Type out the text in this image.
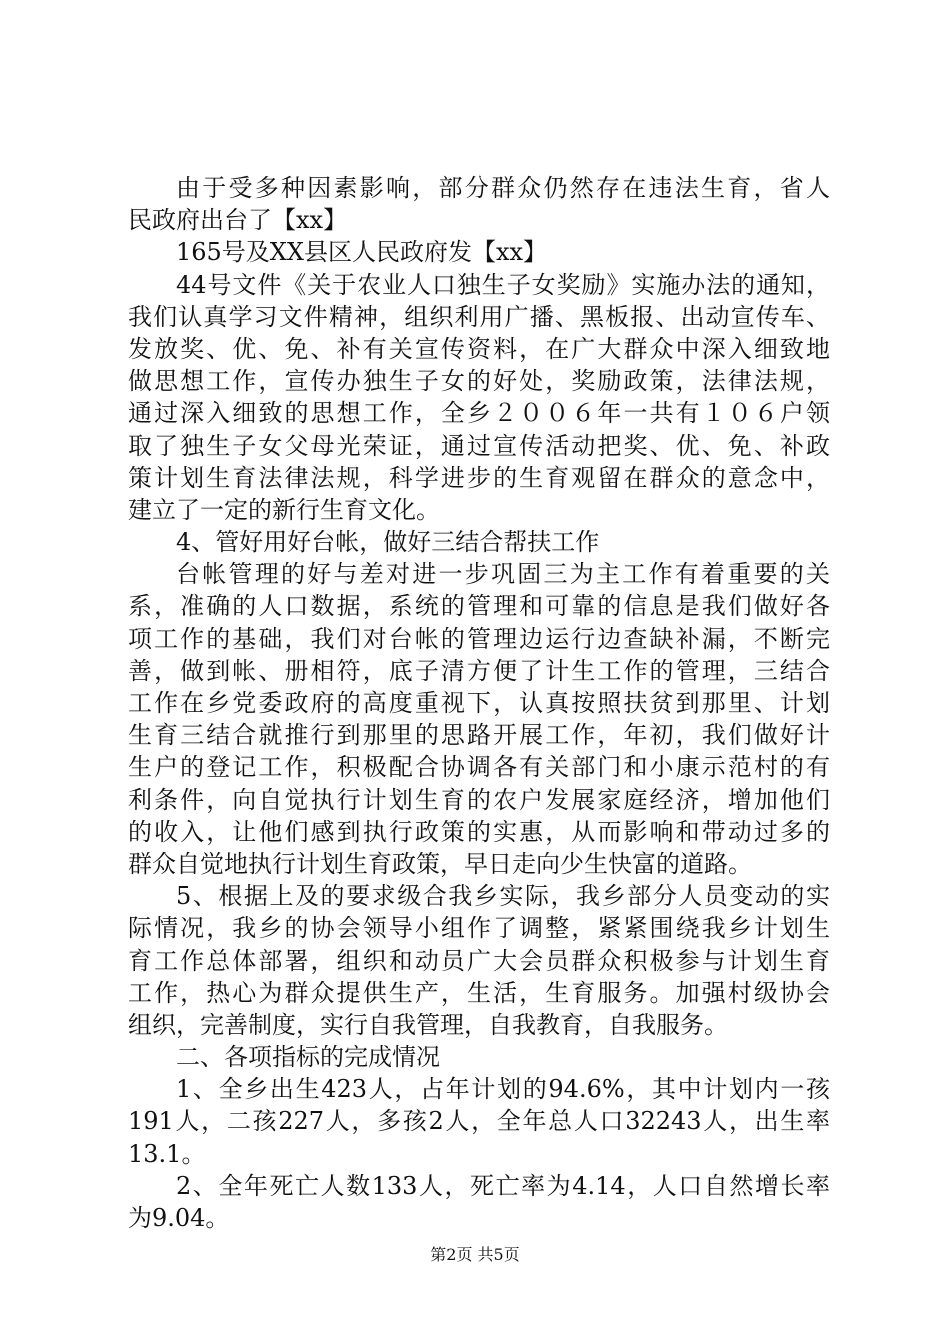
由于受多种因素影响，部分群众仍然存在违法生育，省人
民政府出台了【xx】
165号及XX县区人民政府发【xx】
44号文件《关于农业人口独生子女奖励》实施办法的通知，
我们认真学习文件精神，组织利用广播、黑板报、出动宣传车、
发放奖、优、免、补有关宣传资料，在广大群众中深入细致地
做思想工作，宣传办独生子女的好处，奖励政策，法律法规，
通过深入细致的思想工作，全乡２００６年一共有１０６户领
取了独生子女父母光荣证，通过宣传活动把奖、优、免、补政
策计划生育法律法规，科学进步的生育观留在群众的意念中，
建立了一定的新行生育文化。
4、管好用好台帐，做好三结合帮扶工作
台帐管理的好与差对进一步巩固三为主工作有着重要的关
系，准确的人口数据，系统的管理和可靠的信息是我们做好各
项工作的基础，我们对台帐的管理边运行边查缺补漏，不断完
善，做到帐、册相符，底子清方便了计生工作的管理，三结合
工作在乡党委政府的高度重视下，认真按照扶贫到那里、计划
生育三结合就推行到那里的思路开展工作，年初，我们做好计
生户的登记工作，积极配合协调各有关部门和小康示范村的有
利条件，向自觉执行计划生育的农户发展家庭经济，增加他们
的收入，让他们感到执行政策的实惠，从而影响和带动过多的
群众自觉地执行计划生育政策，早日走向少生快富的道路。
5、根据上及的要求级合我乡实际，我乡部分人员变动的实
际情况，我乡的协会领导小组作了调整，紧紧围绕我乡计划生
育工作总体部署，组织和动员广大会员群众积极参与计划生育
工作，热心为群众提供生产，生活，生育服务。加强村级协会
组织，完善制度，实行自我管理，自我教育，自我服务。
二、各项指标的完成情况
1、全乡出生423人，占年计划的94.6%，其中计划内一孩
191人，二孩227人，多孩2人，全年总人口32243人，出生率
13.1。
2、全年死亡人数133人，死亡率为4.14，人口自然增长率
为9.04。
第2页 共5页
